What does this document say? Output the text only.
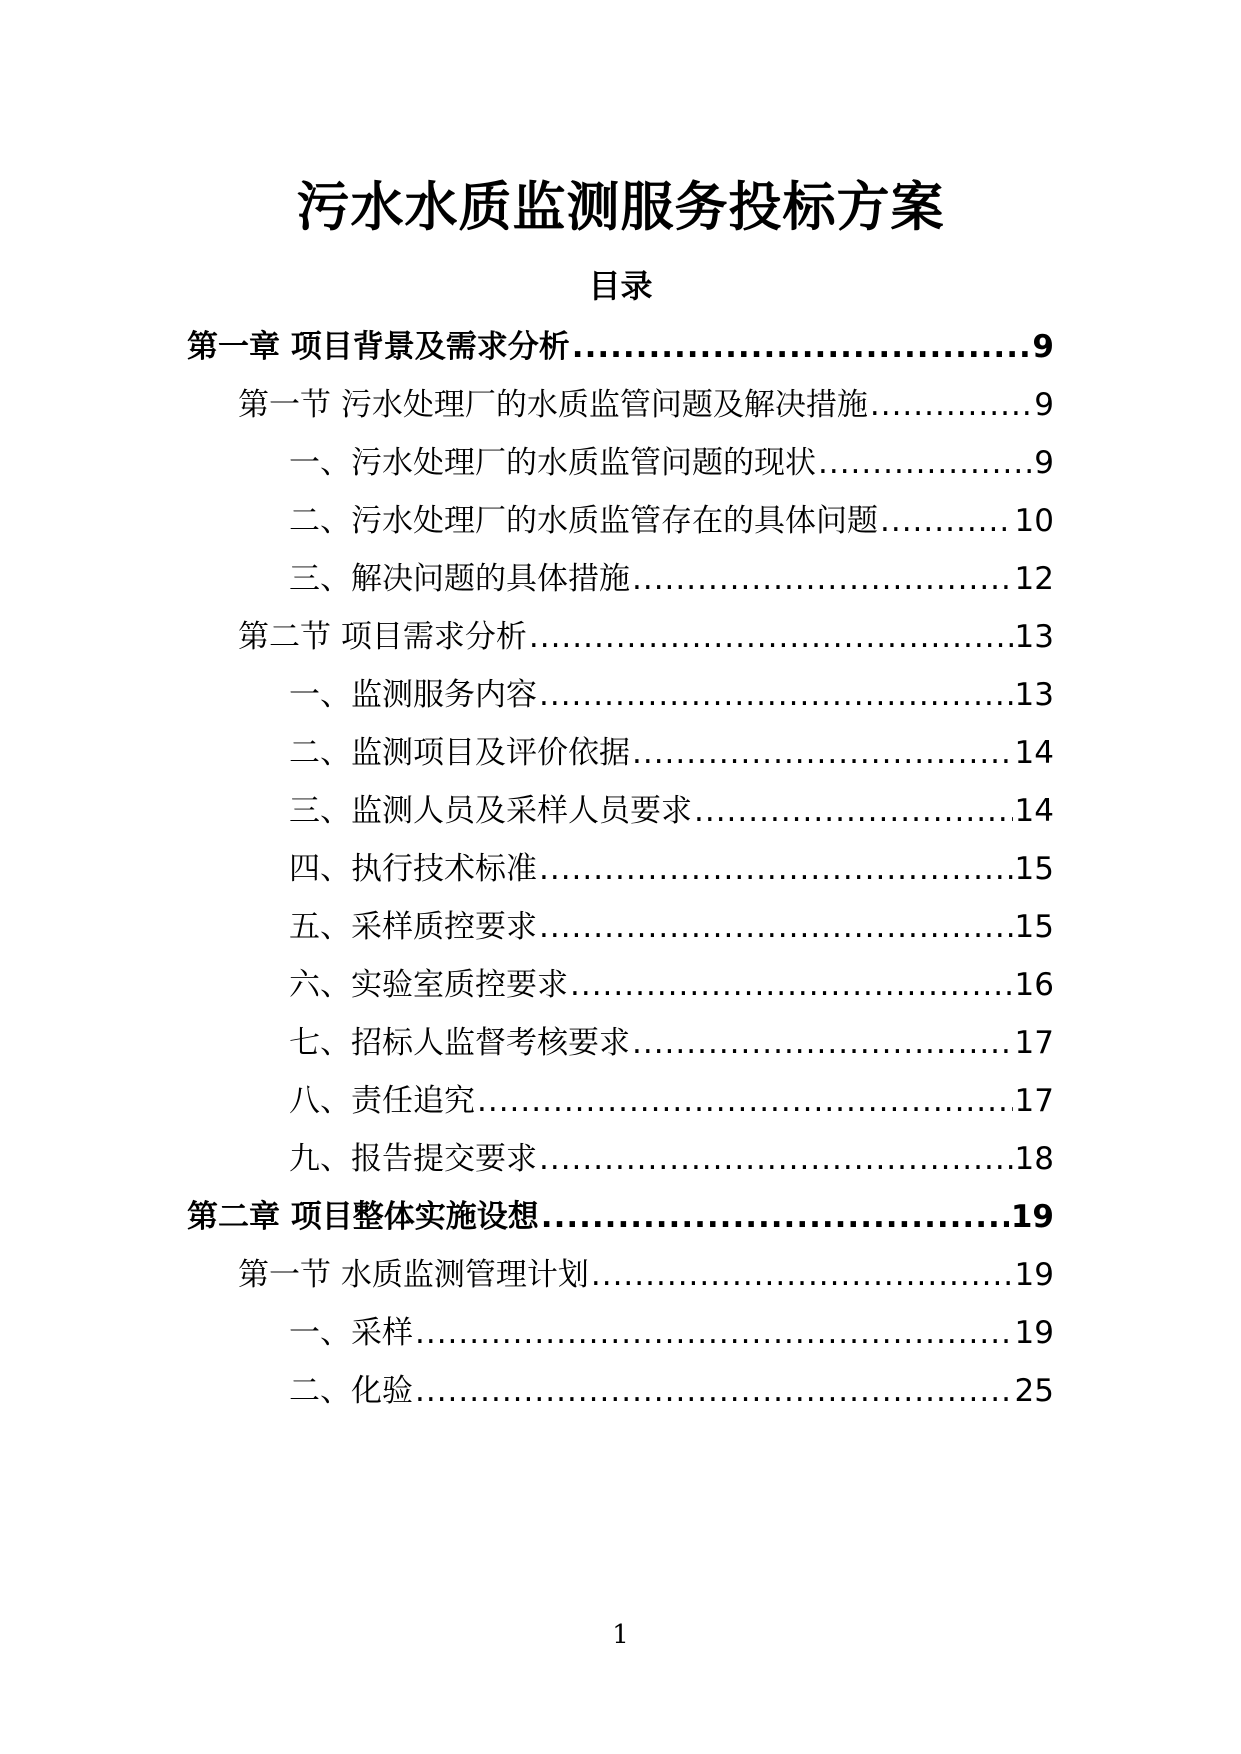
污水水质监测服务投标方案
目录
第一章 项目背景及需求分析 .....	9
第一节 污水处理厂的水质监管问题及解决措施 .....	9
一、污水处理厂的水质监管问题的现状 .....	9
二、污水处理厂的水质监管存在的具体问题 .....	10
三、解决问题的具体措施 .....	12
第二节 项目需求分析 .....	13
一、监测服务内容 .....	13
二、监测项目及评价依据 .....	14
三、监测人员及采样人员要求 .....	14
四、执行技术标准 .....	15
五、采样质控要求 .....	15
六、实验室质控要求 .....	16
七、招标人监督考核要求 .....	17
八、责任追究 .....	17
九、报告提交要求 .....	18
第二章 项目整体实施设想 .....	19
第一节 水质监测管理计划 .....	19
一、采样 .....	19
二、化验 .....	25
1
